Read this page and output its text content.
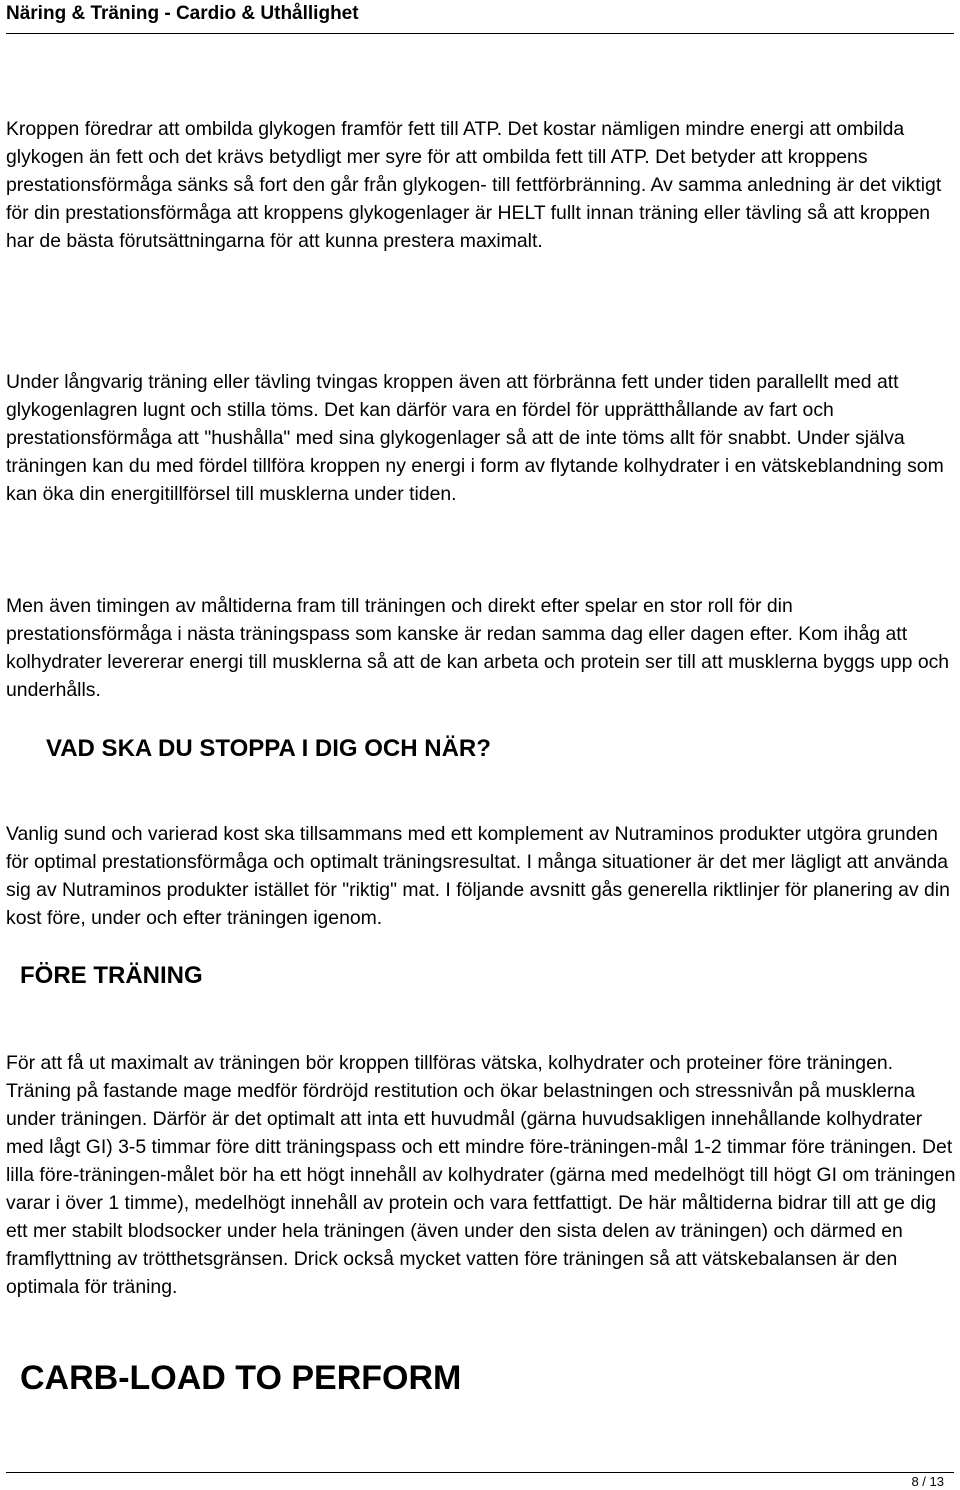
Näring & Träning - Cardio & Uthållighet

Kroppen föredrar att ombilda glykogen framför fett till ATP. Det kostar nämligen mindre energi att ombilda glykogen än fett och det krävs betydligt mer syre för att ombilda fett till ATP. Det betyder att kroppens prestationsförmåga sänks så fort den går från glykogen- till fettförbränning. Av samma anledning är det viktigt för din prestationsförmåga att kroppens glykogenlager är HELT fullt innan träning eller tävling så att kroppen har de bästa förutsättningarna för att kunna prestera maximalt.

Under långvarig träning eller tävling tvingas kroppen även att förbränna fett under tiden parallellt med att glykogenlagren lugnt och stilla töms. Det kan därför vara en fördel för upprätthållande av fart och prestationsförmåga att "hushålla" med sina glykogenlager så att de inte töms allt för snabbt. Under själva träningen kan du med fördel tillföra kroppen ny energi i form av flytande kolhydrater i en vätskeblandning som kan öka din energitillförsel till musklerna under tiden.

Men även timingen av måltiderna fram till träningen och direkt efter spelar en stor roll för din prestationsförmåga i nästa träningspass som kanske är redan samma dag eller dagen efter. Kom ihåg att kolhydrater levererar energi till musklerna så att de kan arbeta och protein ser till att musklerna byggs upp och underhålls.

VAD SKA DU STOPPA I DIG OCH NÄR?

Vanlig sund och varierad kost ska tillsammans med ett komplement av Nutraminos produkter utgöra grunden för optimal prestationsförmåga och optimalt träningsresultat. I många situationer är det mer lägligt att använda sig av Nutraminos produkter istället för "riktig" mat. I följande avsnitt gås generella riktlinjer för planering av din kost före, under och efter träningen igenom.

FÖRE TRÄNING

För att få ut maximalt av träningen bör kroppen tillföras vätska, kolhydrater och proteiner före träningen. Träning på fastande mage medför fördröjd restitution och ökar belastningen och stressnivån på musklerna under träningen. Därför är det optimalt att inta ett huvudmål (gärna huvudsakligen innehållande kolhydrater med lågt GI) 3-5 timmar före ditt träningspass och ett mindre före-träningen-mål 1-2 timmar före träningen. Det lilla före-träningen-målet bör ha ett högt innehåll av kolhydrater (gärna med medelhögt till högt GI om träningen varar i över 1 timme), medelhögt innehåll av protein och vara fettfattigt. De här måltiderna bidrar till att ge dig ett mer stabilt blodsocker under hela träningen (även under den sista delen av träningen) och därmed en framflyttning av trötthetsgränsen. Drick också mycket vatten före träningen så att vätskebalansen är den optimala för träning.

CARB-LOAD TO PERFORM
8 / 13
